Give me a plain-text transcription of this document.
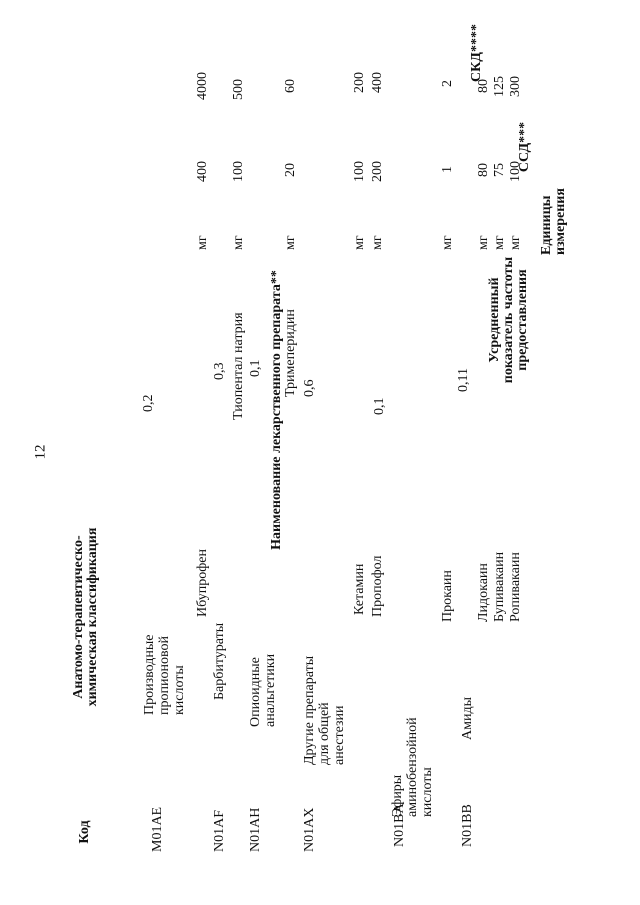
12
Код
Анатомо-терапевтическо-химическая классификация
Наименование лекарственного препарата**	Усредненный показатель частоты предоставления
Единицы измерения
ССД***
СКД****
M01AE
Производные пропионовой кислоты
0,2
Ибупрофен
мг
400
4000
N01AF
Барбитураты
0,3 Тиопентал натрия
мг
100
500
N01AH
Опиоидные анальгетики
0,1 Тримеперидин
мг
20
60
N01AX
Другие препараты для общей анестезии
0,6
Кетамин
мг
100
200
Пропофол
мг
200
400
N01BA
Эфиры аминобензойной кислоты
0,1
Прокаин
мг
1
2
N01BB
Амиды
0,11
Лидокаин
мг
80
80
Бупивакаин
мг
75
125
Ропивакаин
мг
100
300
